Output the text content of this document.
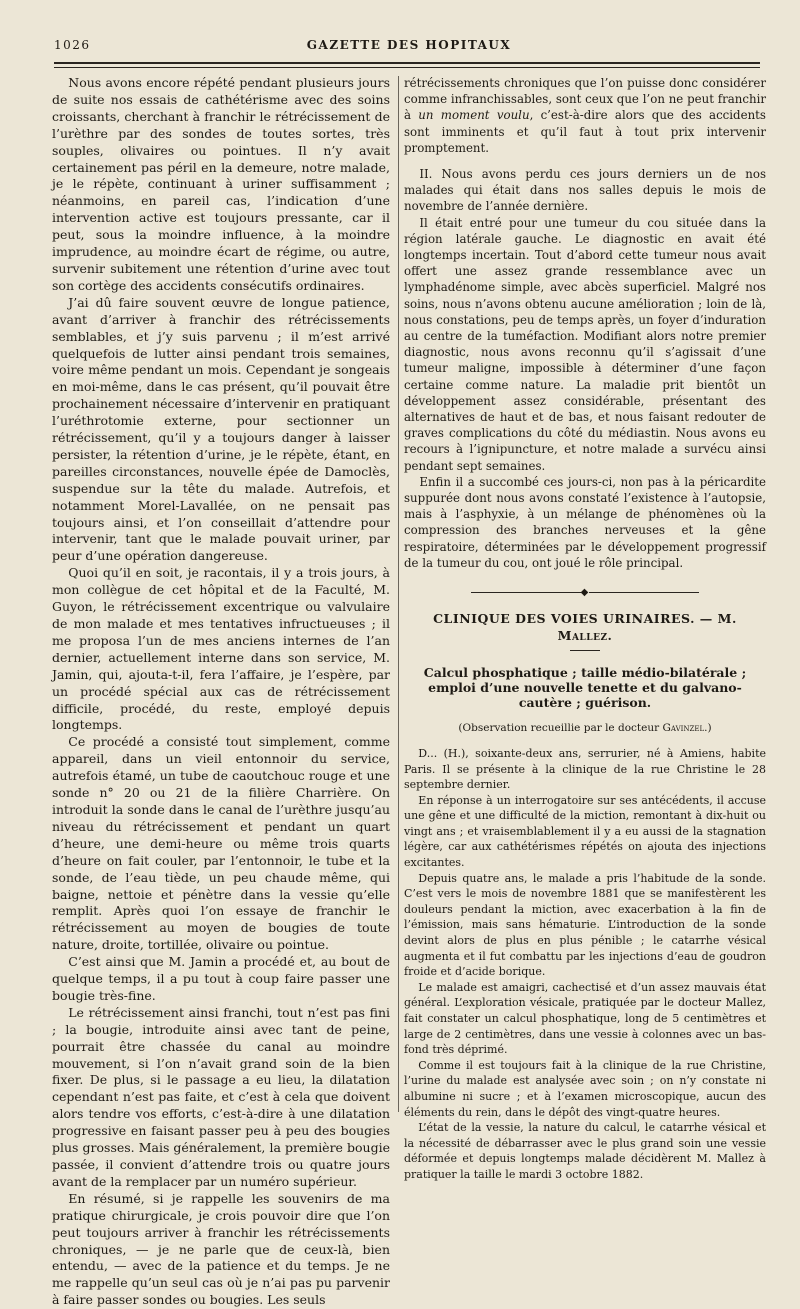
1026	GAZETTE DES HOPITAUX

Nous avons encore répété pendant plusieurs jours de suite nos essais de cathétérisme avec des soins croissants, cherchant à franchir le rétrécissement de l’urèthre par des sondes de toutes sortes, très souples, olivaires ou pointues. Il n’y avait certainement pas péril en la demeure, notre malade, je le répète, continuant à uriner suffisamment ; néanmoins, en pareil cas, l’indication d’une intervention active est toujours pressante, car il peut, sous la moindre influence, à la moindre imprudence, au moindre écart de régime, ou autre, survenir subitement une rétention d’urine avec tout son cortège des accidents consécutifs ordinaires.

J’ai dû faire souvent œuvre de longue patience, avant d’arriver à franchir des rétrécissements semblables, et j’y suis parvenu ; il m’est arrivé quelquefois de lutter ainsi pendant trois semaines, voire même pendant un mois. Cependant je songeais en moi-même, dans le cas présent, qu’il pouvait être prochainement nécessaire d’intervenir en pratiquant l’uréthrotomie externe, pour sectionner un rétrécissement, qu’il y a toujours danger à laisser persister, la rétention d’urine, je le répète, étant, en pareilles circonstances, nouvelle épée de Damoclès, suspendue sur la tête du malade. Autrefois, et notamment Morel-Lavallée, on ne pensait pas toujours ainsi, et l’on conseillait d’attendre pour intervenir, tant que le malade pouvait uriner, par peur d’une opération dangereuse.

Quoi qu’il en soit, je racontais, il y a trois jours, à mon collègue de cet hôpital et de la Faculté, M. Guyon, le rétrécissement excentrique ou valvulaire de mon malade et mes tentatives infructueuses ; il me proposa l’un de mes anciens internes de l’an dernier, actuellement interne dans son service, M. Jamin, qui, ajouta-t-il, fera l’affaire, je l’espère, par un procédé spécial aux cas de rétrécissement difficile, procédé, du reste, employé depuis longtemps.

Ce procédé a consisté tout simplement, comme appareil, dans un vieil entonnoir du service, autrefois étamé, un tube de caoutchouc rouge et une sonde n° 20 ou 21 de la filière Charrière. On introduit la sonde dans le canal de l’urèthre jusqu’au niveau du rétrécissement et pendant un quart d’heure, une demi-heure ou même trois quarts d’heure on fait couler, par l’entonnoir, le tube et la sonde, de l’eau tiède, un peu chaude même, qui baigne, nettoie et pénètre dans la vessie qu’elle remplit. Après quoi l’on essaye de franchir le rétrécissement au moyen de bougies de toute nature, droite, tortillée, olivaire ou pointue.

C’est ainsi que M. Jamin a procédé et, au bout de quelque temps, il a pu tout à coup faire passer une bougie très-fine.

Le rétrécissement ainsi franchi, tout n’est pas fini ; la bougie, introduite ainsi avec tant de peine, pourrait être chassée du canal au moindre mouvement, si l’on n’avait grand soin de la bien fixer. De plus, si le passage a eu lieu, la dilatation cependant n’est pas faite, et c’est à cela que doivent alors tendre vos efforts, c’est-à-dire à une dilatation progressive en faisant passer peu à peu des bougies plus grosses. Mais généralement, la première bougie passée, il convient d’attendre trois ou quatre jours avant de la remplacer par un numéro supérieur.

En résumé, si je rappelle les souvenirs de ma pratique chirurgicale, je crois pouvoir dire que l’on peut toujours arriver à franchir les rétrécissements chroniques, — je ne parle que de ceux-là, bien entendu, — avec de la patience et du temps. Je ne me rappelle qu’un seul cas où je n’ai pas pu parvenir à faire passer sondes ou bougies. Les seuls

rétrécissements chroniques que l’on puisse donc considérer comme infranchissables, sont ceux que l’on ne peut franchir à un moment voulu, c’est-à-dire alors que des accidents sont imminents et qu’il faut à tout prix intervenir promptement.

II. Nous avons perdu ces jours derniers un de nos malades qui était dans nos salles depuis le mois de novembre de l’année dernière.

Il était entré pour une tumeur du cou située dans la région latérale gauche. Le diagnostic en avait été longtemps incertain. Tout d’abord cette tumeur nous avait offert une assez grande ressemblance avec un lymphadénome simple, avec abcès superficiel. Malgré nos soins, nous n’avons obtenu aucune amélioration ; loin de là, nous constations, peu de temps après, un foyer d’induration au centre de la tuméfaction. Modifiant alors notre premier diagnostic, nous avons reconnu qu’il s’agissait d’une tumeur maligne, impossible à déterminer d’une façon certaine comme nature. La maladie prit bientôt un développement assez considérable, présentant des alternatives de haut et de bas, et nous faisant redouter de graves complications du côté du médiastin. Nous avons eu recours à l’ignipuncture, et notre malade a survécu ainsi pendant sept semaines.

Enfin il a succombé ces jours-ci, non pas à la péricardite suppurée dont nous avons constaté l’existence à l’autopsie, mais à l’asphyxie, à un mélange de phénomènes où la compression des branches nerveuses et la gêne respiratoire, déterminées par le développement progressif de la tumeur du cou, ont joué le rôle principal.

◆
CLINIQUE DES VOIES URINAIRES. — M. Mallez.
Calcul phosphatique ; taille médio-bilatérale ; emploi d’une nouvelle tenette et du galvano-cautère ; guérison.
(Observation recueillie par le docteur Gavinzel.)

D... (H.), soixante-deux ans, serrurier, né à Amiens, habite Paris. Il se présente à la clinique de la rue Christine le 28 septembre dernier.

En réponse à un interrogatoire sur ses antécédents, il accuse une gêne et une difficulté de la miction, remontant à dix-huit ou vingt ans ; et vraisemblablement il y a eu aussi de la stagnation légère, car aux cathétérismes répétés on ajouta des injections excitantes.

Depuis quatre ans, le malade a pris l’habitude de la sonde. C’est vers le mois de novembre 1881 que se manifestèrent les douleurs pendant la miction, avec exacerbation à la fin de l’émission, mais sans hématurie. L’introduction de la sonde devint alors de plus en plus pénible ; le catarrhe vésical augmenta et il fut combattu par les injections d’eau de goudron froide et d’acide borique.

Le malade est amaigri, cachectisé et d’un assez mauvais état général. L’exploration vésicale, pratiquée par le docteur Mallez, fait constater un calcul phosphatique, long de 5 centimètres et large de 2 centimètres, dans une vessie à colonnes avec un bas-fond très déprimé.

Comme il est toujours fait à la clinique de la rue Christine, l’urine du malade est analysée avec soin ; on n’y constate ni albumine ni sucre ; et à l’examen microscopique, aucun des éléments du rein, dans le dépôt des vingt-quatre heures.

L’état de la vessie, la nature du calcul, le catarrhe vésical et la nécessité de débarrasser avec le plus grand soin une vessie déformée et depuis longtemps malade décidèrent M. Mallez à pratiquer la taille le mardi 3 octobre 1882.
